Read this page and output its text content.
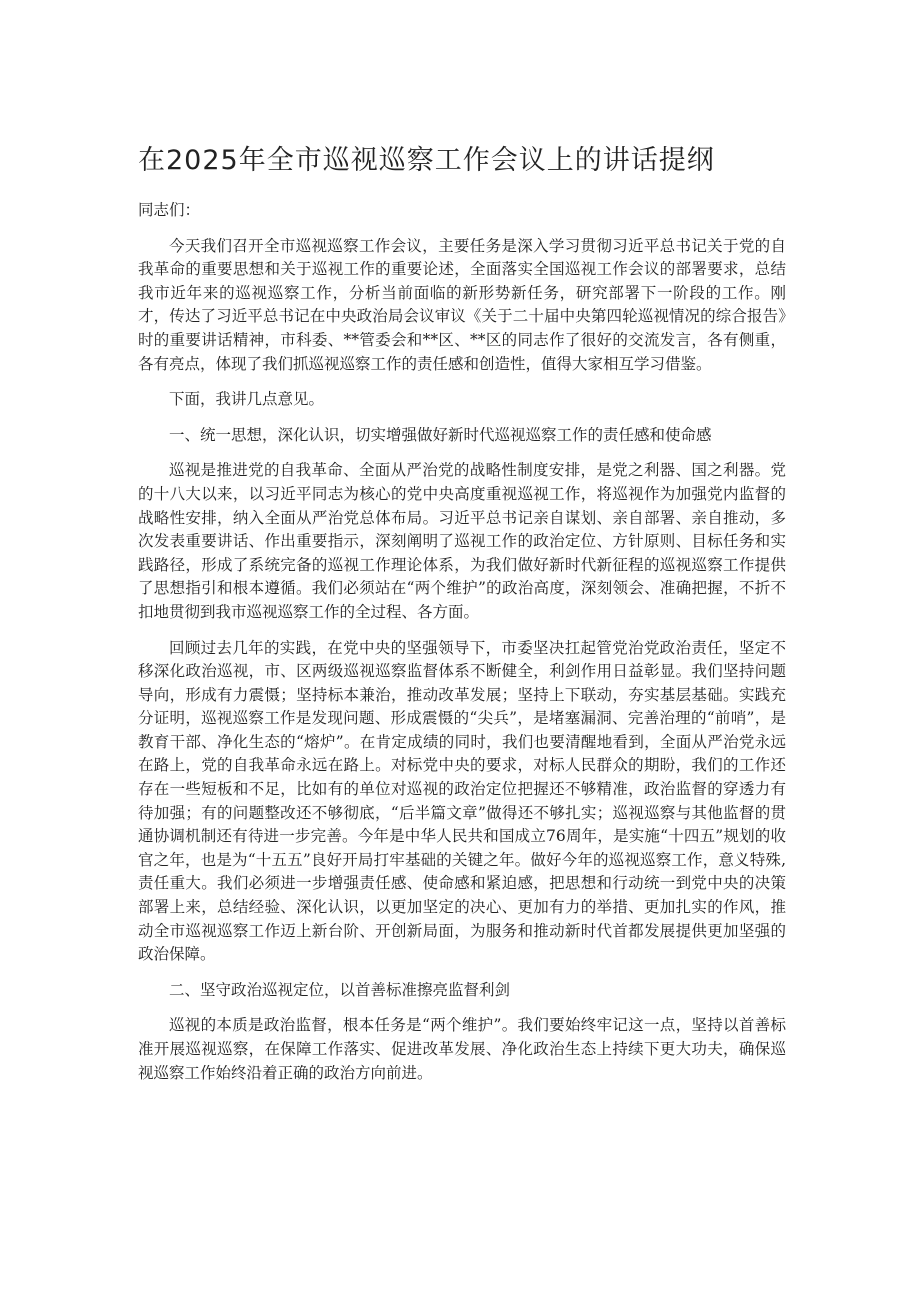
在2025年全市巡视巡察工作会议上的讲话提纲

同志们：

今天我们召开全市巡视巡察工作会议，主要任务是深入学习贯彻习近平总书记关于党的自我革命的重要思想和关于巡视工作的重要论述，全面落实全国巡视工作会议的部署要求，总结我市近年来的巡视巡察工作，分析当前面临的新形势新任务，研究部署下一阶段的工作。刚才，传达了习近平总书记在中央政治局会议审议《关于二十届中央第四轮巡视情况的综合报告》时的重要讲话精神，市科委、**管委会和**区、**区的同志作了很好的交流发言，各有侧重，各有亮点，体现了我们抓巡视巡察工作的责任感和创造性，值得大家相互学习借鉴。

下面，我讲几点意见。

一、统一思想，深化认识，切实增强做好新时代巡视巡察工作的责任感和使命感

巡视是推进党的自我革命、全面从严治党的战略性制度安排，是党之利器、国之利器。党的十八大以来，以习近平同志为核心的党中央高度重视巡视工作，将巡视作为加强党内监督的战略性安排，纳入全面从严治党总体布局。习近平总书记亲自谋划、亲自部署、亲自推动，多次发表重要讲话、作出重要指示，深刻阐明了巡视工作的政治定位、方针原则、目标任务和实践路径，形成了系统完备的巡视工作理论体系，为我们做好新时代新征程的巡视巡察工作提供了思想指引和根本遵循。我们必须站在“两个维护”的政治高度，深刻领会、准确把握，不折不扣地贯彻到我市巡视巡察工作的全过程、各方面。

回顾过去几年的实践，在党中央的坚强领导下，市委坚决扛起管党治党政治责任，坚定不移深化政治巡视，市、区两级巡视巡察监督体系不断健全，利剑作用日益彰显。我们坚持问题导向，形成有力震慑；坚持标本兼治，推动改革发展；坚持上下联动，夯实基层基础。实践充分证明，巡视巡察工作是发现问题、形成震慑的“尖兵”，是堵塞漏洞、完善治理的“前哨”，是教育干部、净化生态的“熔炉”。在肯定成绩的同时，我们也要清醒地看到，全面从严治党永远在路上，党的自我革命永远在路上。对标党中央的要求，对标人民群众的期盼，我们的工作还存在一些短板和不足，比如有的单位对巡视的政治定位把握还不够精准，政治监督的穿透力有待加强；有的问题整改还不够彻底，“后半篇文章”做得还不够扎实；巡视巡察与其他监督的贯通协调机制还有待进一步完善。今年是中华人民共和国成立76周年，是实施“十四五”规划的收官之年，也是为“十五五”良好开局打牢基础的关键之年。做好今年的巡视巡察工作，意义特殊,责任重大。我们必须进一步增强责任感、使命感和紧迫感，把思想和行动统一到党中央的决策部署上来，总结经验、深化认识，以更加坚定的决心、更加有力的举措、更加扎实的作风，推动全市巡视巡察工作迈上新台阶、开创新局面，为服务和推动新时代首都发展提供更加坚强的政治保障。

二、坚守政治巡视定位，以首善标准擦亮监督利剑

巡视的本质是政治监督，根本任务是“两个维护”。我们要始终牢记这一点，坚持以首善标准开展巡视巡察，在保障工作落实、促进改革发展、净化政治生态上持续下更大功夫，确保巡视巡察工作始终沿着正确的政治方向前进。
